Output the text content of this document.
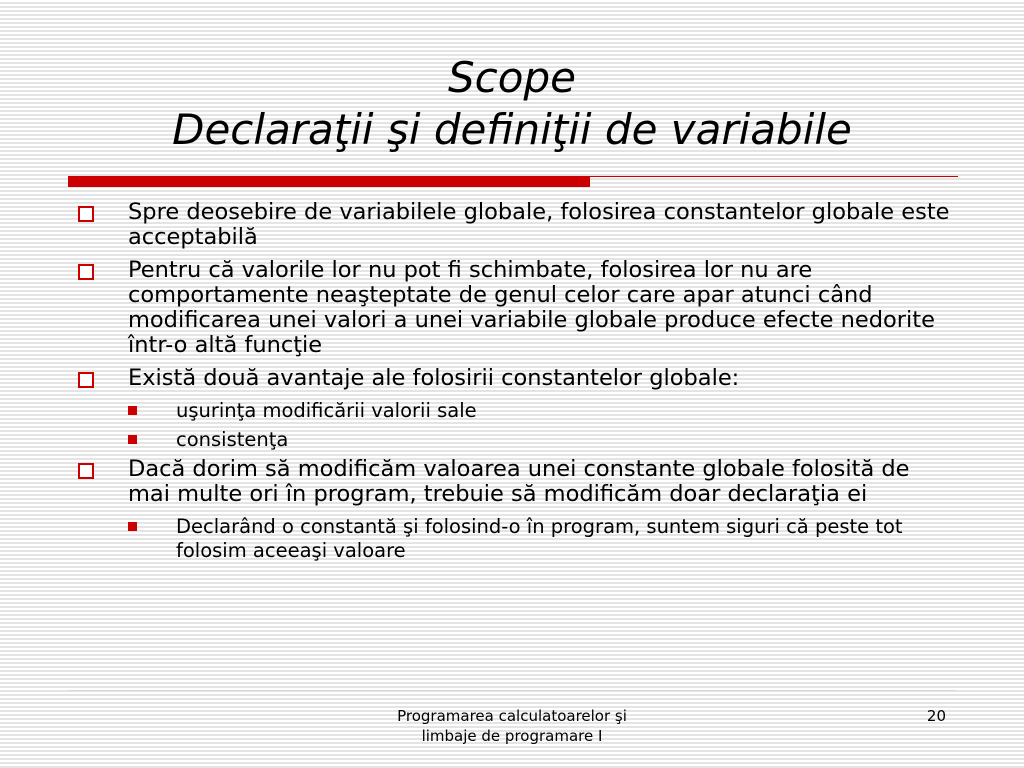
Scope
Declaraţii şi definiţii de variabile
Spre deosebire de variabilele globale, folosirea constantelor globale este acceptabilă
Pentru că valorile lor nu pot fi schimbate, folosirea lor nu are comportamente neaşteptate de genul celor care apar atunci când modificarea unei valori a unei variabile globale produce efecte nedorite într-o altă funcţie
Există două avantaje ale folosirii constantelor globale:
uşurinţa modificării valorii sale
consistenţa
Dacă dorim să modificăm valoarea unei constante globale folosită de mai multe ori în program, trebuie să modificăm doar declaraţia ei
Declarând o constantă şi folosind-o în program, suntem siguri că peste tot folosim aceeaşi valoare
Programarea calculatoarelor şi
limbaje de programare I
20
